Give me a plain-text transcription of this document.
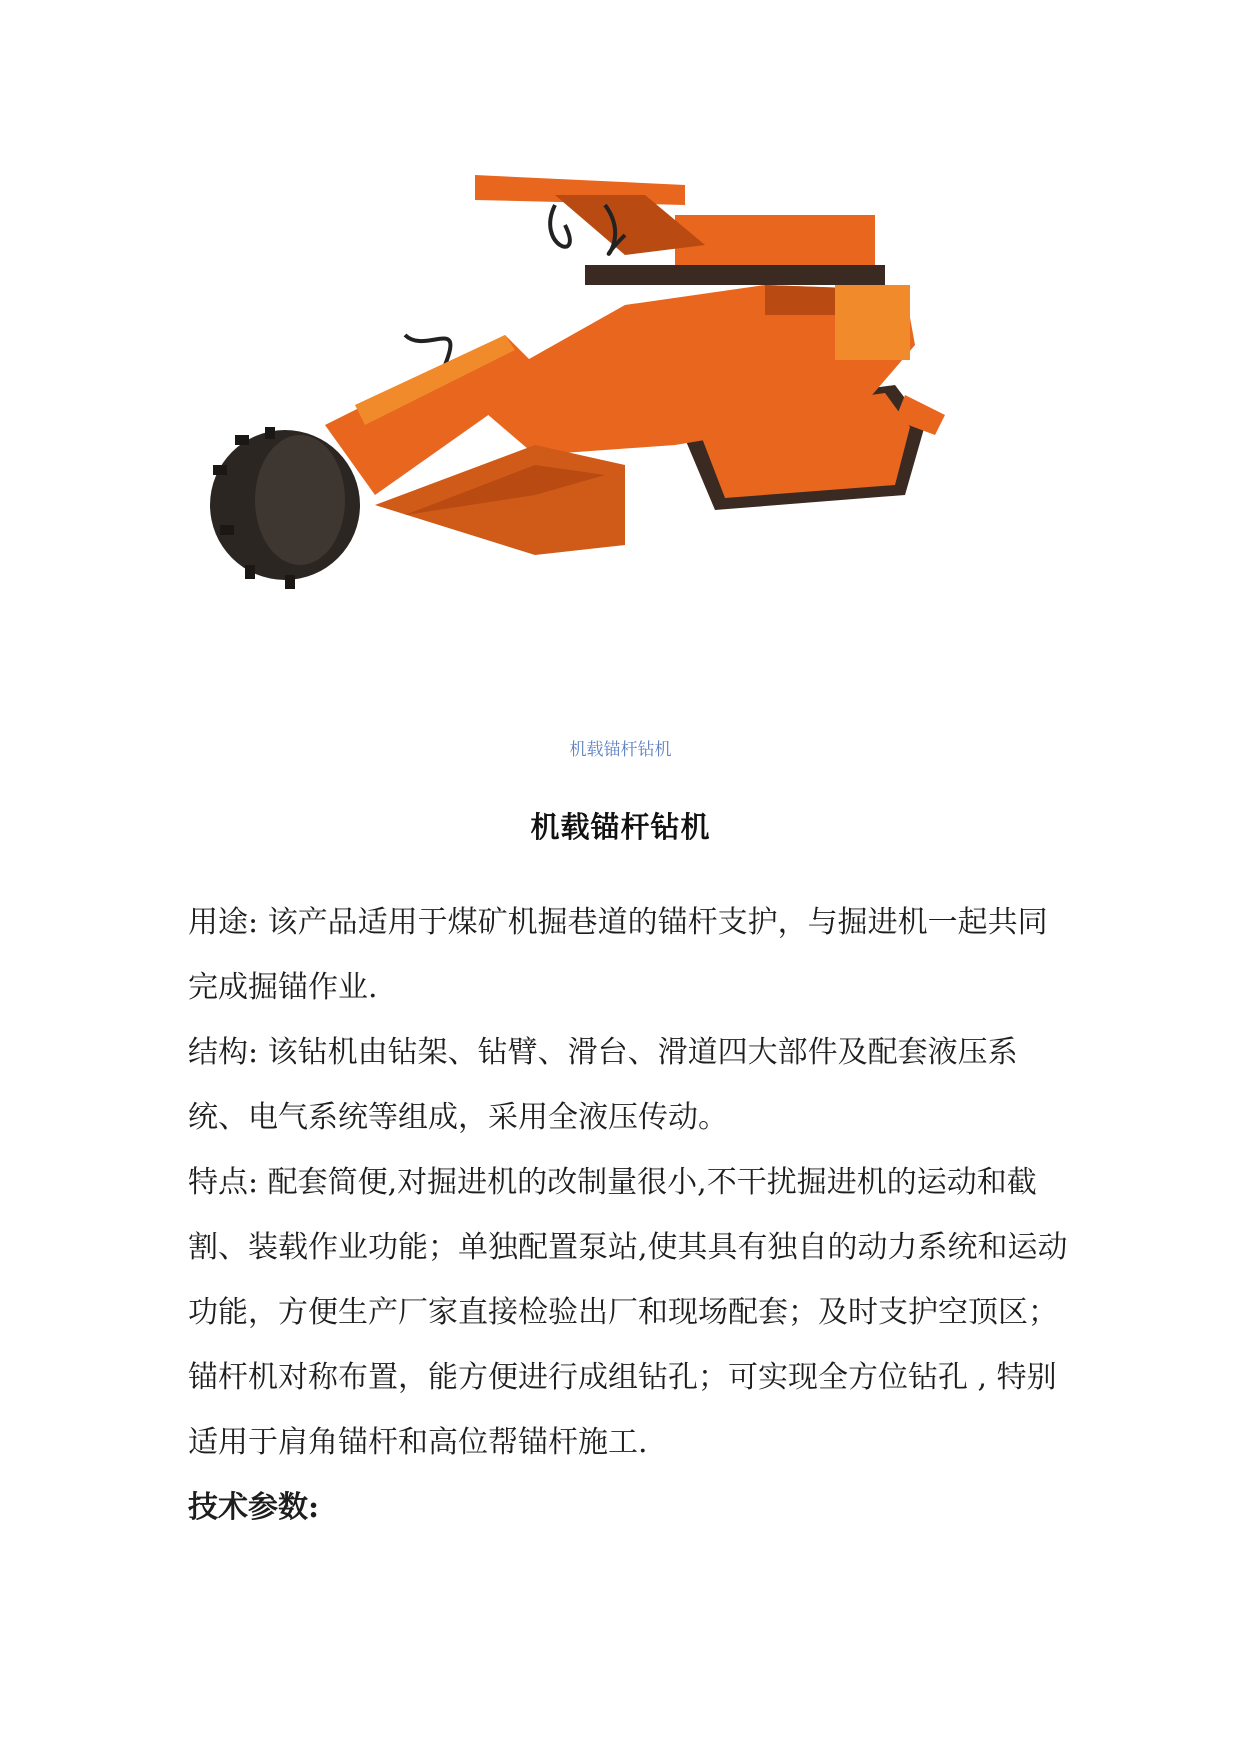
机载锚杆钻机
机载锚杆钻机

用途: 该产品适用于煤矿机掘巷道的锚杆支护，与掘进机一起共同完成掘锚作业.

结构: 该钻机由钻架、钻臂、滑台、滑道四大部件及配套液压系统、电气系统等组成，采用全液压传动。

特点: 配套简便,对掘进机的改制量很小,不干扰掘进机的运动和截割、装载作业功能；单独配置泵站,使其具有独自的动力系统和运动功能，方便生产厂家直接检验出厂和现场配套；及时支护空顶区；锚杆机对称布置，能方便进行成组钻孔；可实现全方位钻孔 , 特别适用于肩角锚杆和高位帮锚杆施工.

技术参数:
